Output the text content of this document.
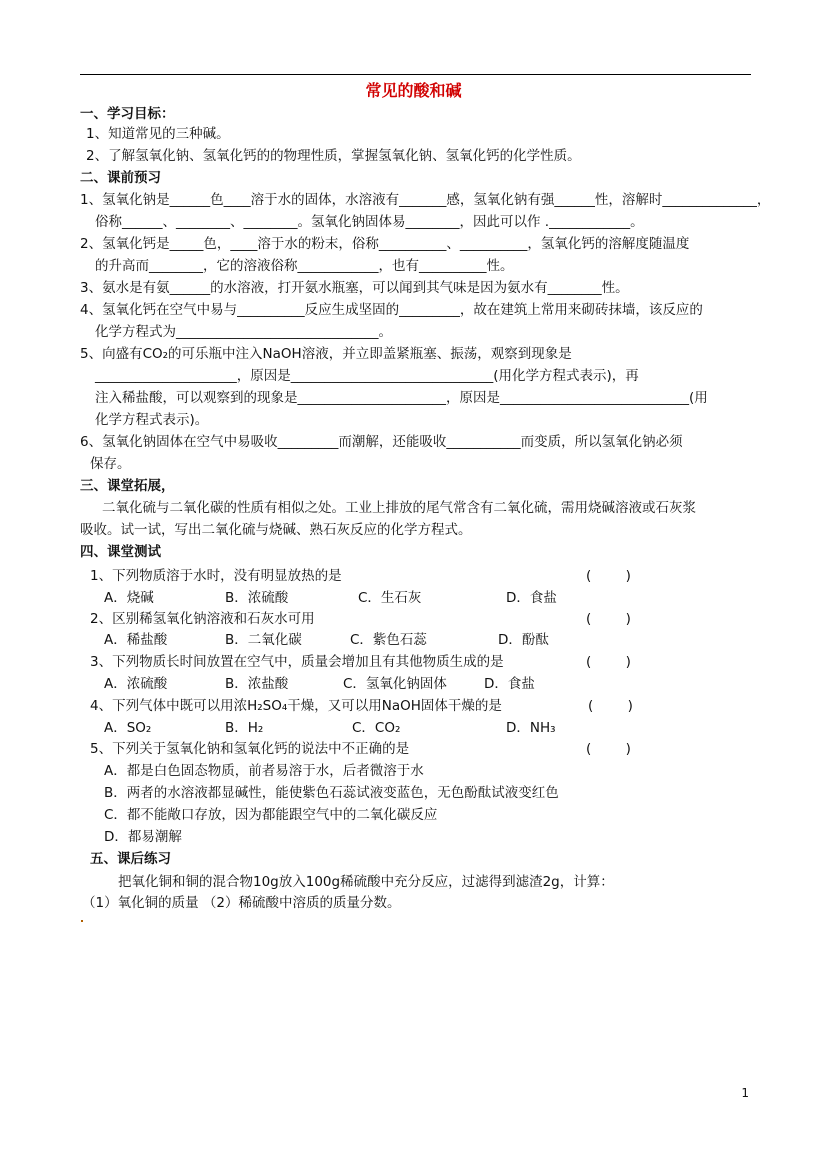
常见的酸和碱
一、学习目标：
1、知道常见的三种碱。
2、了解氢氧化钠、氢氧化钙的的物理性质，掌握氢氧化钠、氢氧化钙的化学性质。
二、课前预习
1、氢氧化钠是______色____溶于水的固体，水溶液有_______感，氢氧化钠有强______性，溶解时______________，
俗称______、________、________。氢氧化钠固体易________，因此可以作 .____________。
2、氢氧化钙是_____色，____溶于水的粉末，俗称__________、__________，氢氧化钙的溶解度随温度
的升高而________，它的溶液俗称____________，也有__________性。
3、氨水是有氨______的水溶液，打开氨水瓶塞，可以闻到其气味是因为氨水有________性。
4、氢氧化钙在空气中易与__________反应生成坚固的_________，故在建筑上常用来砌砖抹墙，该反应的
化学方程式为______________________________。
5、向盛有CO₂的可乐瓶中注入NaOH溶液，并立即盖紧瓶塞、振荡，观察到现象是
_____________________，原因是______________________________(用化学方程式表示)，再
注入稀盐酸，可以观察到的现象是______________________，原因是____________________________(用
化学方程式表示)。
6、氢氧化钠固体在空气中易吸收_________而潮解，还能吸收___________而变质，所以氢氧化钠必须
保存。
三、课堂拓展，
二氧化硫与二氧化碳的性质有相似之处。工业上排放的尾气常含有二氧化硫，需用烧碱溶液或石灰浆
吸收。试一试，写出二氧化硫与烧碱、熟石灰反应的化学方程式。
四、课堂测试
1、下列物质溶于水时，没有明显放热的是	(        )
A．烧碱	B．浓硫酸	C．生石灰	D．食盐
2、区别稀氢氧化钠溶液和石灰水可用	(        )
A．稀盐酸	B．二氧化碳	C．紫色石蕊	D．酚酞
3、下列物质长时间放置在空气中，质量会增加且有其他物质生成的是	(        )
A．浓硫酸	B．浓盐酸	C．氢氧化钠固体	D．食盐
4、下列气体中既可以用浓H₂SO₄干燥，又可以用NaOH固体干燥的是	(        )
A．SO₂	B．H₂	C．CO₂	D．NH₃
5、下列关于氢氧化钠和氢氧化钙的说法中不正确的是	(        )
A．都是白色固态物质，前者易溶于水，后者微溶于水
B．两者的水溶液都显碱性，能使紫色石蕊试液变蓝色，无色酚酞试液变红色
C．都不能敞口存放，因为都能跟空气中的二氧化碳反应
D．都易潮解
五、课后练习
把氧化铜和铜的混合物10g放入100g稀硫酸中充分反应，过滤得到滤渣2g，计算：
（1）氧化铜的质量 （2）稀硫酸中溶质的质量分数。
1
